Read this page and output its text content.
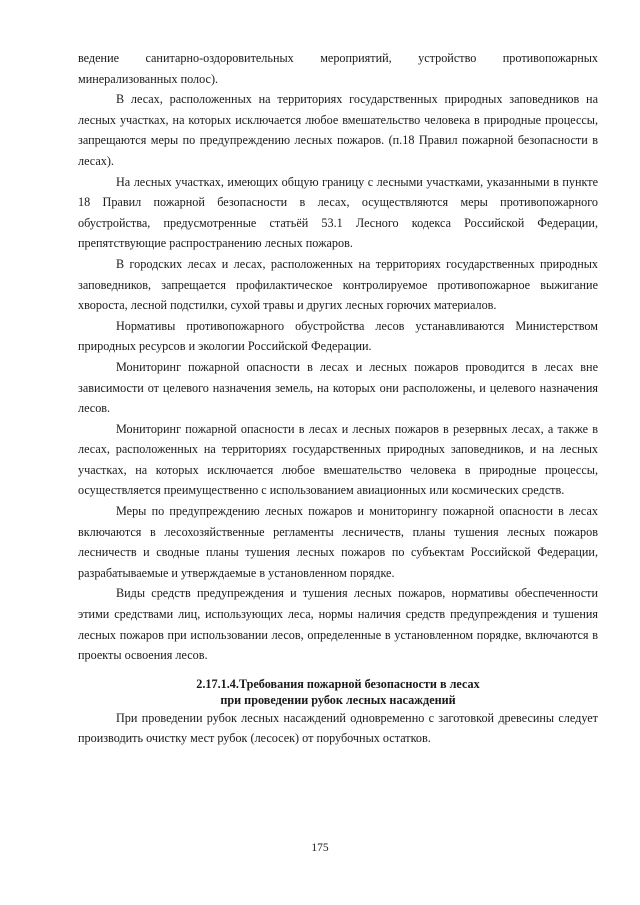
ведение санитарно-оздоровительных мероприятий, устройство противопожарных минерализованных полос).

В лесах, расположенных на территориях государственных природных заповедников на лесных участках, на которых исключается любое вмешательство человека в природные процессы, запрещаются меры по предупреждению лесных пожаров. (п.18 Правил пожарной безопасности в лесах).

На лесных участках, имеющих общую границу с лесными участками, указанными в пункте 18 Правил пожарной безопасности в лесах, осуществляются меры противопожарного обустройства, предусмотренные статьёй 53.1 Лесного кодекса Российской Федерации, препятствующие распространению лесных пожаров.

В городских лесах и лесах, расположенных на территориях государственных природных заповедников, запрещается профилактическое контролируемое противопожарное выжигание хвороста, лесной подстилки, сухой травы и других лесных горючих материалов.

Нормативы противопожарного обустройства лесов устанавливаются Министерством природных ресурсов и экологии Российской Федерации.

Мониторинг пожарной опасности в лесах и лесных пожаров проводится в лесах вне зависимости от целевого назначения земель, на которых они расположены, и целевого назначения лесов.

Мониторинг пожарной опасности в лесах и лесных пожаров в резервных лесах, а также в лесах, расположенных на территориях государственных природных заповедников, и на лесных участках, на которых исключается любое вмешательство человека в природные процессы, осуществляется преимущественно с использованием авиационных или космических средств.

Меры по предупреждению лесных пожаров и мониторингу пожарной опасности в лесах включаются в лесохозяйственные регламенты лесничеств, планы тушения лесных пожаров лесничеств и сводные планы тушения лесных пожаров по субъектам Российской Федерации, разрабатываемые и утверждаемые в установленном порядке.

Виды средств предупреждения и тушения лесных пожаров, нормативы обеспеченности этими средствами лиц, использующих леса, нормы наличия средств предупреждения и тушения лесных пожаров при использовании лесов, определенные в установленном порядке, включаются в проекты освоения лесов.

2.17.1.4.Требования пожарной безопасности в лесах
при проведении рубок лесных насаждений

При проведении рубок лесных насаждений одновременно с заготовкой древесины следует производить очистку мест рубок (лесосек) от порубочных остатков.

175
